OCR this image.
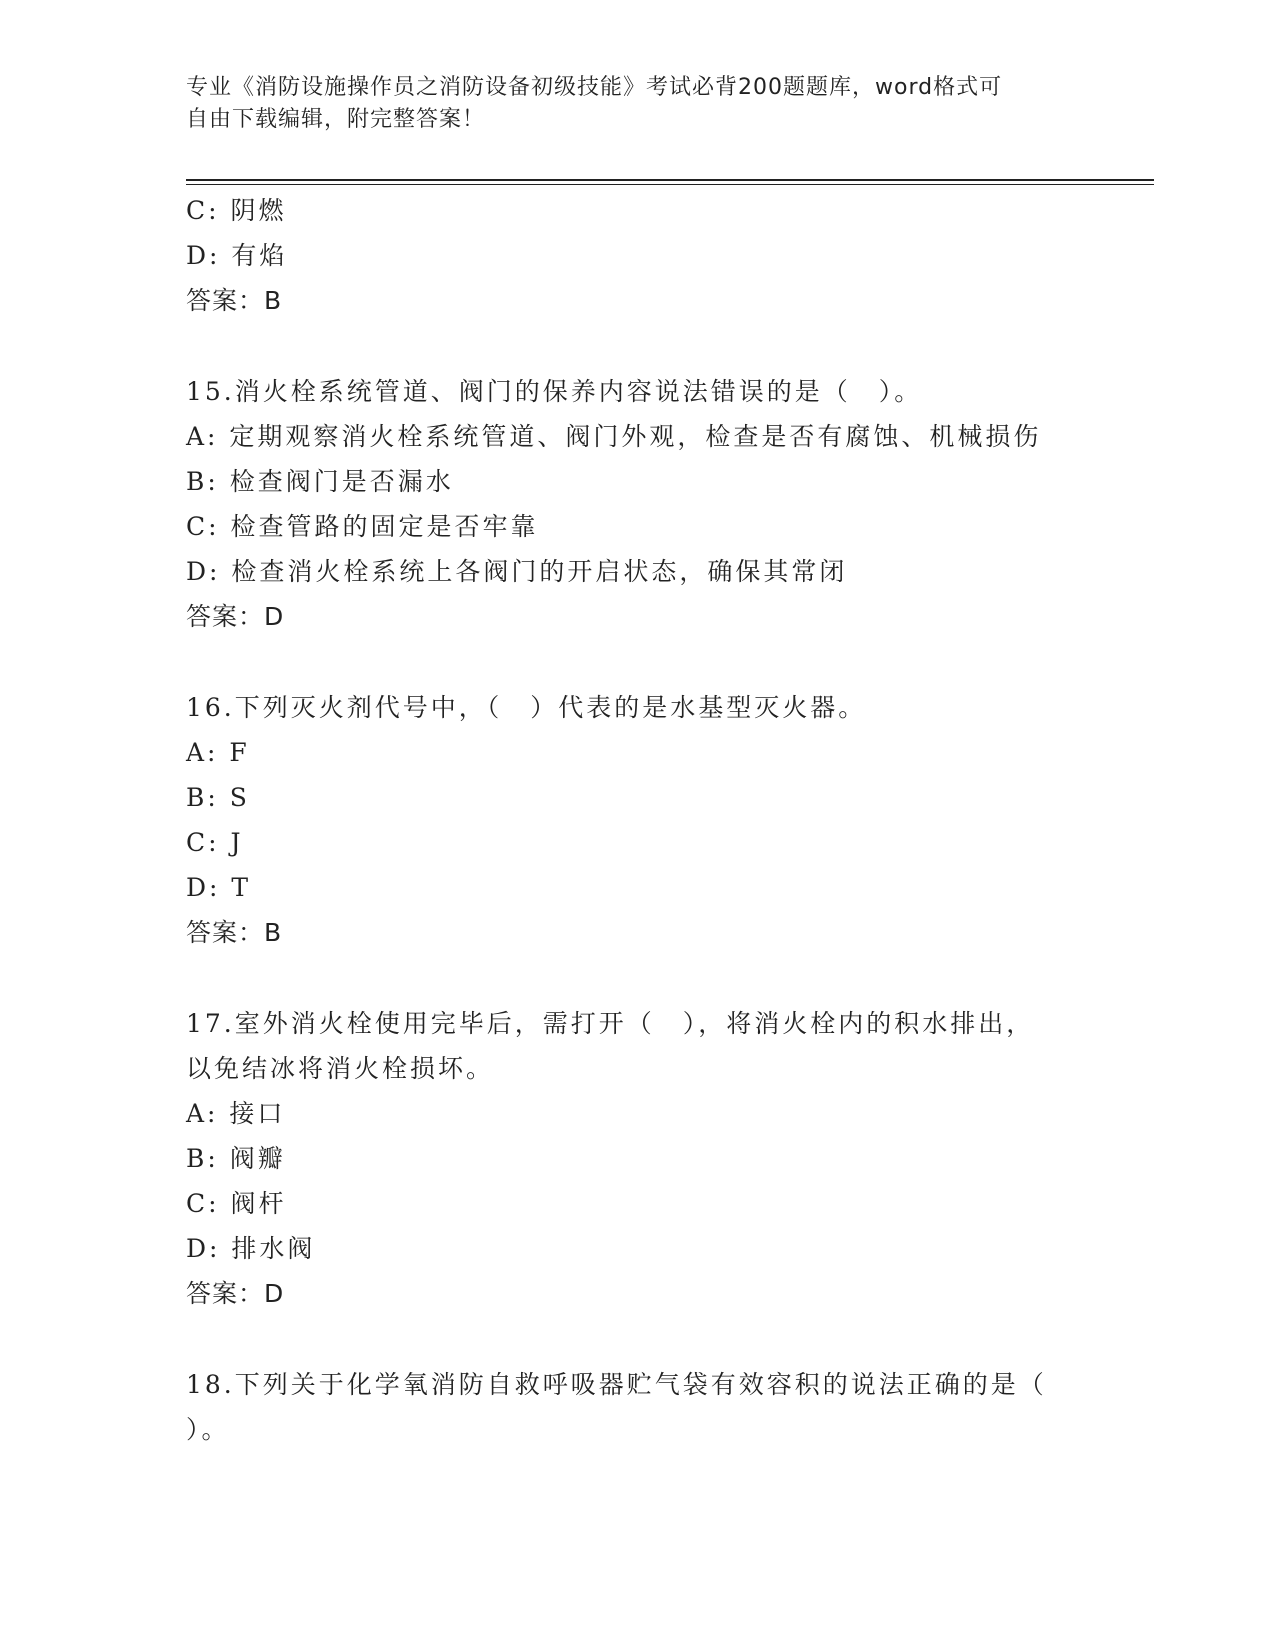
专业《消防设施操作员之消防设备初级技能》考试必背200题题库，word格式可
自由下载编辑，附完整答案！
C: 阴燃
D: 有焰
答案：B
15.消火栓系统管道、阀门的保养内容说法错误的是（　）。
A: 定期观察消火栓系统管道、阀门外观，检查是否有腐蚀、机械损伤
B: 检查阀门是否漏水
C: 检查管路的固定是否牢靠
D: 检查消火栓系统上各阀门的开启状态，确保其常闭
答案：D
16.下列灭火剂代号中，（　）代表的是水基型灭火器。
A: F
B: S
C: J
D: T
答案：B
17.室外消火栓使用完毕后，需打开（　），将消火栓内的积水排出，
以免结冰将消火栓损坏。
A: 接口
B: 阀瓣
C: 阀杆
D: 排水阀
答案：D
18.下列关于化学氧消防自救呼吸器贮气袋有效容积的说法正确的是（
）。
